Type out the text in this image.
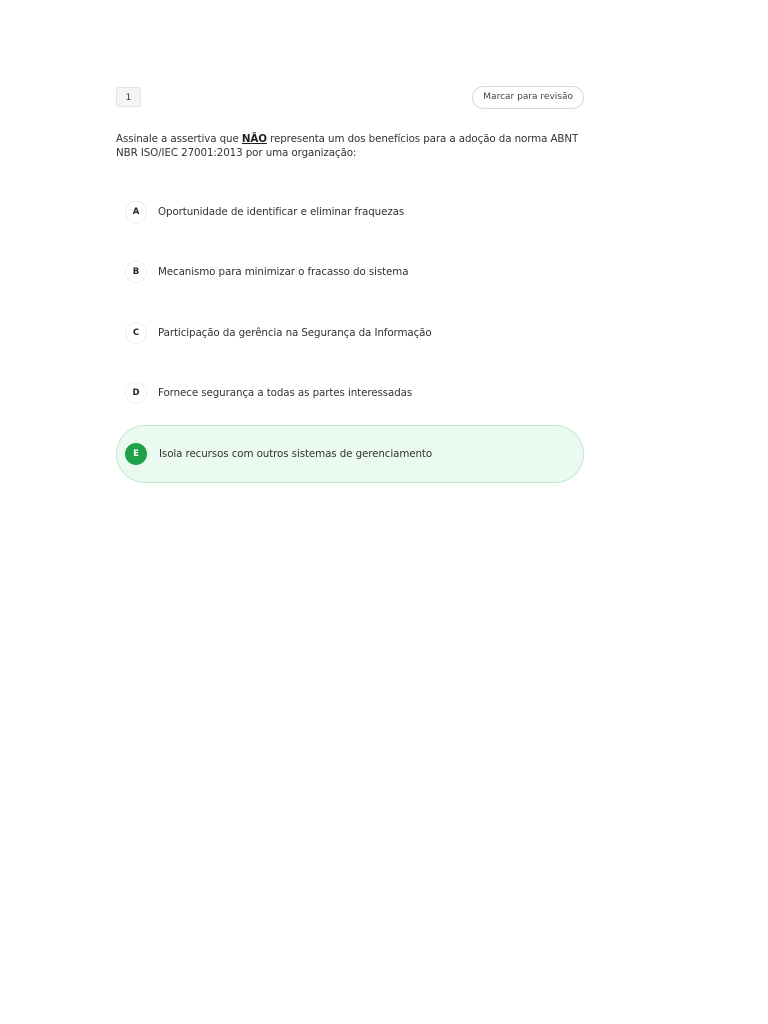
1	Marcar para revisão

Assinale a assertiva que NÃO representa um dos benefícios para a adoção da norma ABNT NBR ISO/IEC 27001:2013 por uma organização:

A	Oportunidade de identificar e eliminar fraquezas
B	Mecanismo para minimizar o fracasso do sistema
C	Participação da gerência na Segurança da Informação
D	Fornece segurança a todas as partes interessadas
E	Isola recursos com outros sistemas de gerenciamento
